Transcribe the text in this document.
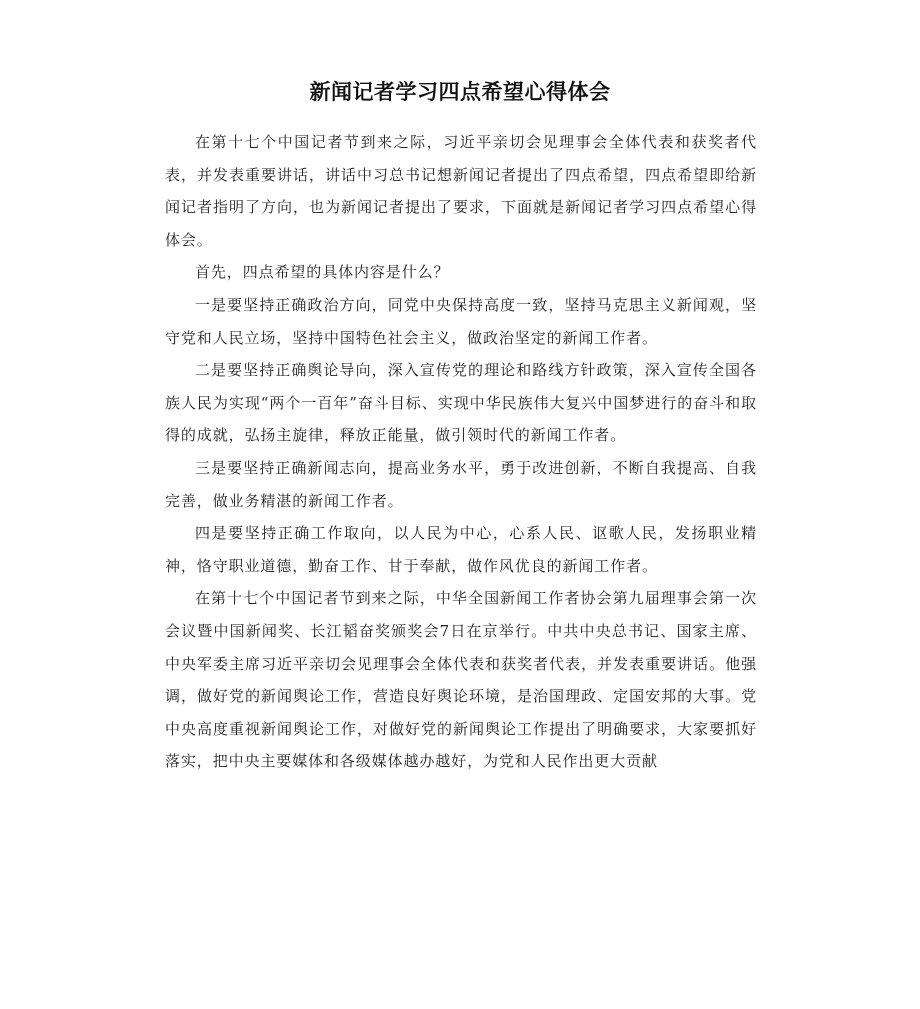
新闻记者学习四点希望心得体会

在第十七个中国记者节到来之际，习近平亲切会见理事会全体代表和获奖者代表，并发表重要讲话，讲话中习总书记想新闻记者提出了四点希望，四点希望即给新闻记者指明了方向，也为新闻记者提出了要求，下面就是新闻记者学习四点希望心得体会。

首先，四点希望的具体内容是什么？

一是要坚持正确政治方向，同党中央保持高度一致，坚持马克思主义新闻观，坚守党和人民立场，坚持中国特色社会主义，做政治坚定的新闻工作者。

二是要坚持正确舆论导向，深入宣传党的理论和路线方针政策，深入宣传全国各族人民为实现“两个一百年”奋斗目标、实现中华民族伟大复兴中国梦进行的奋斗和取得的成就，弘扬主旋律，释放正能量，做引领时代的新闻工作者。

三是要坚持正确新闻志向，提高业务水平，勇于改进创新，不断自我提高、自我完善，做业务精湛的新闻工作者。

四是要坚持正确工作取向，以人民为中心，心系人民、讴歌人民，发扬职业精神，恪守职业道德，勤奋工作、甘于奉献，做作风优良的新闻工作者。

在第十七个中国记者节到来之际，中华全国新闻工作者协会第九届理事会第一次会议暨中国新闻奖、长江韬奋奖颁奖会7日在京举行。中共中央总书记、国家主席、中央军委主席习近平亲切会见理事会全体代表和获奖者代表，并发表重要讲话。他强调，做好党的新闻舆论工作，营造良好舆论环境，是治国理政、定国安邦的大事。党中央高度重视新闻舆论工作，对做好党的新闻舆论工作提出了明确要求，大家要抓好落实，把中央主要媒体和各级媒体越办越好，为党和人民作出更大贡献
